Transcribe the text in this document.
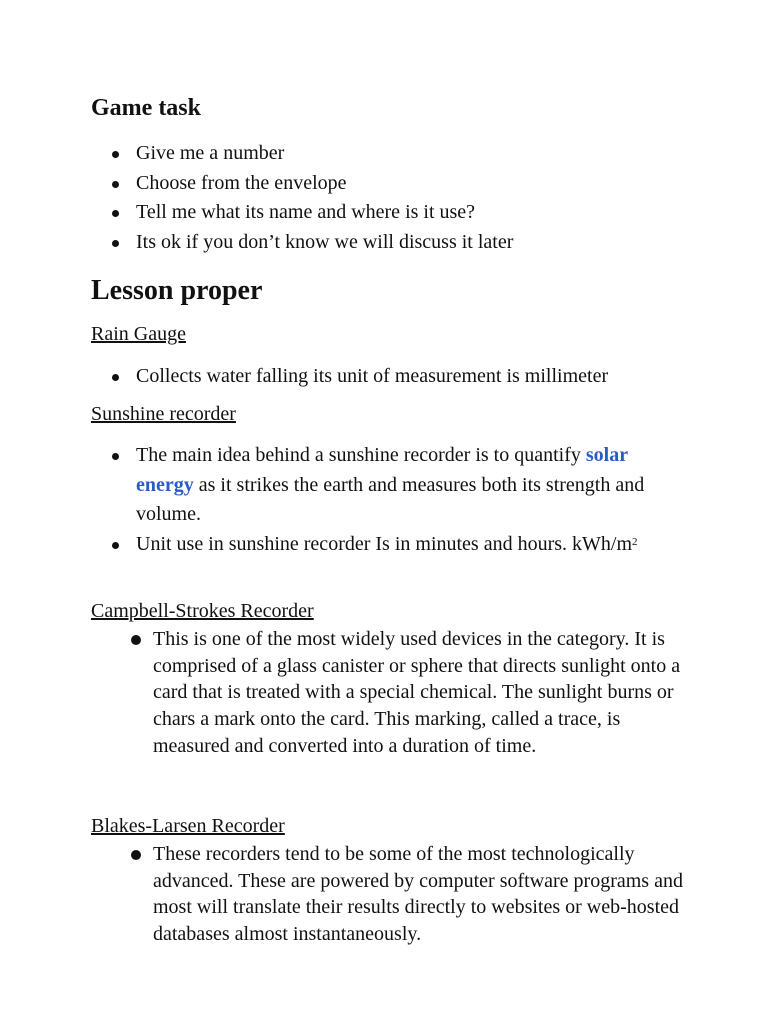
Game task
Give me a number
Choose from the envelope
Tell me what its name and where is it use?
Its ok if you don’t know we will discuss it later
Lesson proper

Rain Gauge

Collects water falling its unit of measurement is millimeter

Sunshine recorder

The main idea behind a sunshine recorder is to quantify solar energy as it strikes the earth and measures both its strength and volume.
Unit use in sunshine recorder Is in minutes and hours. kWh/$m^2$

Campbell-Strokes Recorder

This is one of the most widely used devices in the category. It is comprised of a glass canister or sphere that directs sunlight onto a card that is treated with a special chemical. The sunlight burns or chars a mark onto the card. This marking, called a trace, is measured and converted into a duration of time.

Blakes-Larsen Recorder

These recorders tend to be some of the most technologically advanced. These are powered by computer software programs and most will translate their results directly to websites or web-hosted databases almost instantaneously.
